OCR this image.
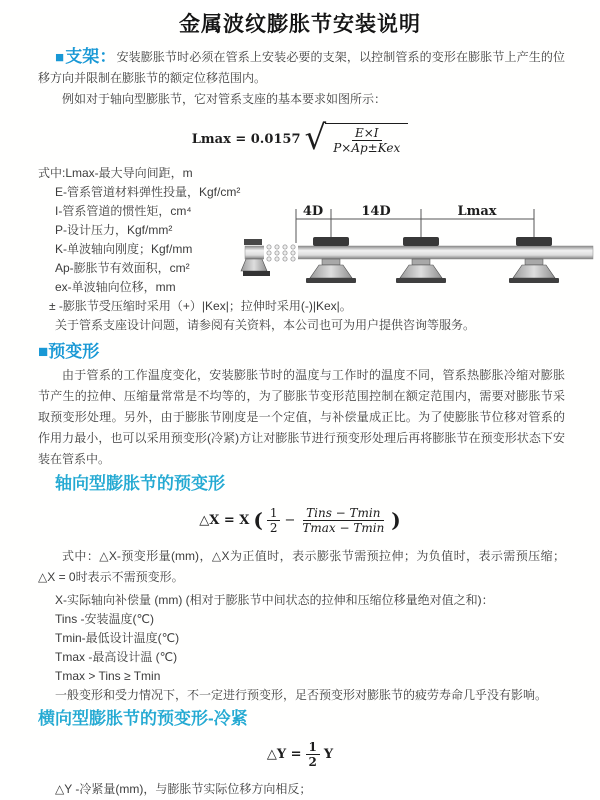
金属波纹膨胀节安装说明

■支架：安装膨胀节时必须在管系上安装必要的支架，以控制管系的变形在膨胀节上产生的位移方向并限制在膨胀节的额定位移范围内。

例如对于轴向型膨胀节，它对管系支座的基本要求如图所示：

Lmax = 0.0157 √ $\frac{E\times I}{\text{P×Ap±Kex}}$
式中:Lmax-最大导向间距，m
E-管系管道材料弹性投量，Kgf/cm²
I-管系管道的惯性矩，cm⁴
P-设计压力，Kgf/mm²
K-单波轴向刚度；Kgf/mm
Ap-膨胀节有效面积，cm²
ex-单波轴向位移，mm
± -膨胀节受压缩时采用（+）|Kex|；拉伸时采用(-)|Kex|。
关于管系支座设计问题，请参阅有关资料，本公司也可为用户提供咨询等服务。
4D	14D	Lmax
■预变形

由于管系的工作温度变化，安装膨胀节时的温度与工作时的温度不同，管系热膨胀冷缩对膨胀节产生的拉伸、压缩量常常是不均等的，为了膨胀节变形范围控制在额定范围内，需要对膨胀节采取预变形处理。另外，由于膨胀节刚度是一个定值，与补偿量成正比。为了使膨胀节位移对管系的作用力最小，也可以采用预变形(冷紧)方让对膨胀节进行预变形处理后再将膨胀节在预变形状态下安装在管系中。

轴向型膨胀节的预变形
△X = X ( $\frac{1}{2} - \frac{\text{Tins − Tmin}}{Tmax - Tmin}$ )

式中：△X-预变形量(mm)，△X为正值时，表示膨张节需预拉伸；为负值时，表示需预压缩；△X = 0时表示不需预变形。

X-实际轴向补偿量 (mm) (相对于膨胀节中间状态的拉伸和压缩位移量绝对值之和)：
Tins -安装温度(℃)
Tmin-最低设计温度(℃)
Tmax -最高设计温 (℃)
Tmax > Tins ≥ Tmin
一般变形和受力情况下，不一定进行预变形，足否预变形对膨胀节的疲劳寿命几乎没有影响。
横向型膨胀节的预变形-冷紧
△Y = $\frac{1}{2}$ Y

△Y -冷紧量(mm)，与膨胀节实际位移方向相反；
